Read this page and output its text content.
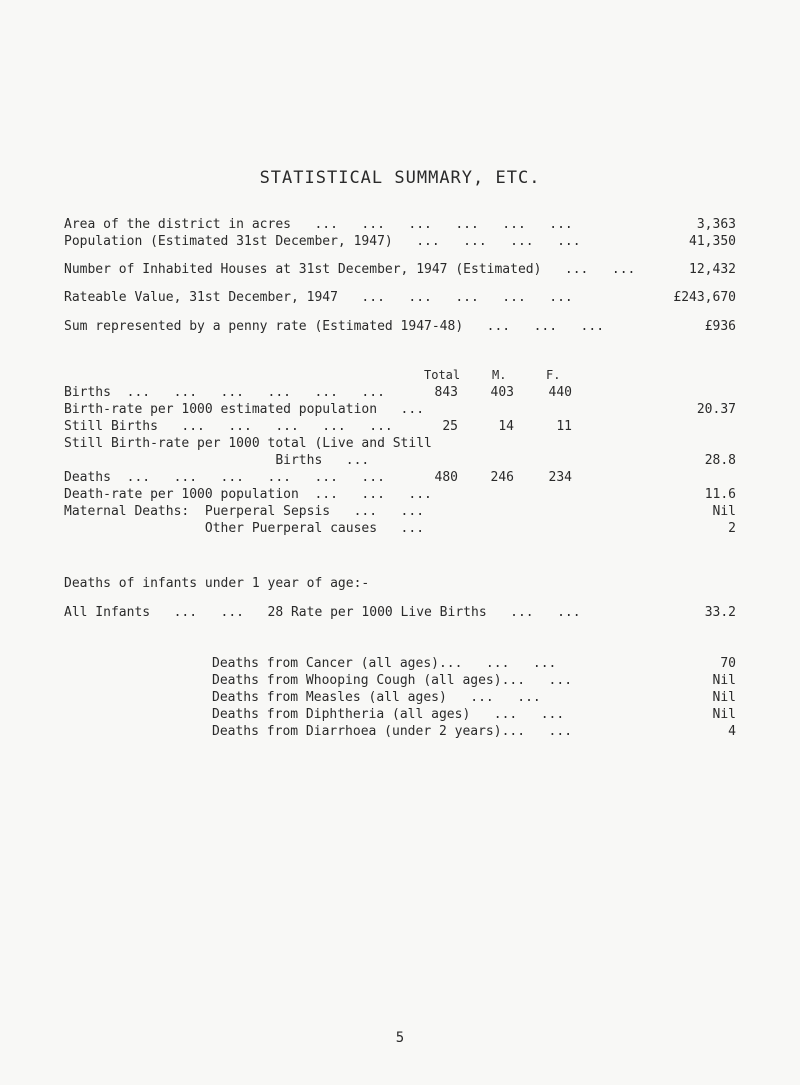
STATISTICAL SUMMARY, ETC.
Area of the district in acres   ...   ...   ...   ...   ...   ...	3,363
Population (Estimated 31st December, 1947)   ...   ...   ...   ...	41,350
Number of Inhabited Houses at 31st December, 1947 (Estimated)   ...   ...	12,432
Rateable Value, 31st December, 1947   ...   ...   ...   ...   ...	£243,670
Sum represented by a penny rate (Estimated 1947-48)   ...   ...   ...	£936
Total	M.	F.
Births  ...   ...   ...   ...   ...   ...	843	403	440
Birth-rate per 1000 estimated population   ...	20.37
Still Births   ...   ...   ...   ...   ...	25	14	11
Still Birth-rate per 1000 total (Live and Still
Births   ...	28.8
Deaths  ...   ...   ...   ...   ...   ...	480	246	234
Death-rate per 1000 population  ...   ...   ...	11.6
Maternal Deaths:  Puerperal Sepsis   ...   ...	Nil
Other Puerperal causes   ...	2
Deaths of infants under 1 year of age:-
All Infants   ...   ...   28 Rate per 1000 Live Births   ...   ...	33.2
Deaths from Cancer (all ages)...   ...   ...	70
Deaths from Whooping Cough (all ages)...   ...	Nil
Deaths from Measles (all ages)   ...   ...	Nil
Deaths from Diphtheria (all ages)   ...   ...	Nil
Deaths from Diarrhoea (under 2 years)...   ...	4
5
